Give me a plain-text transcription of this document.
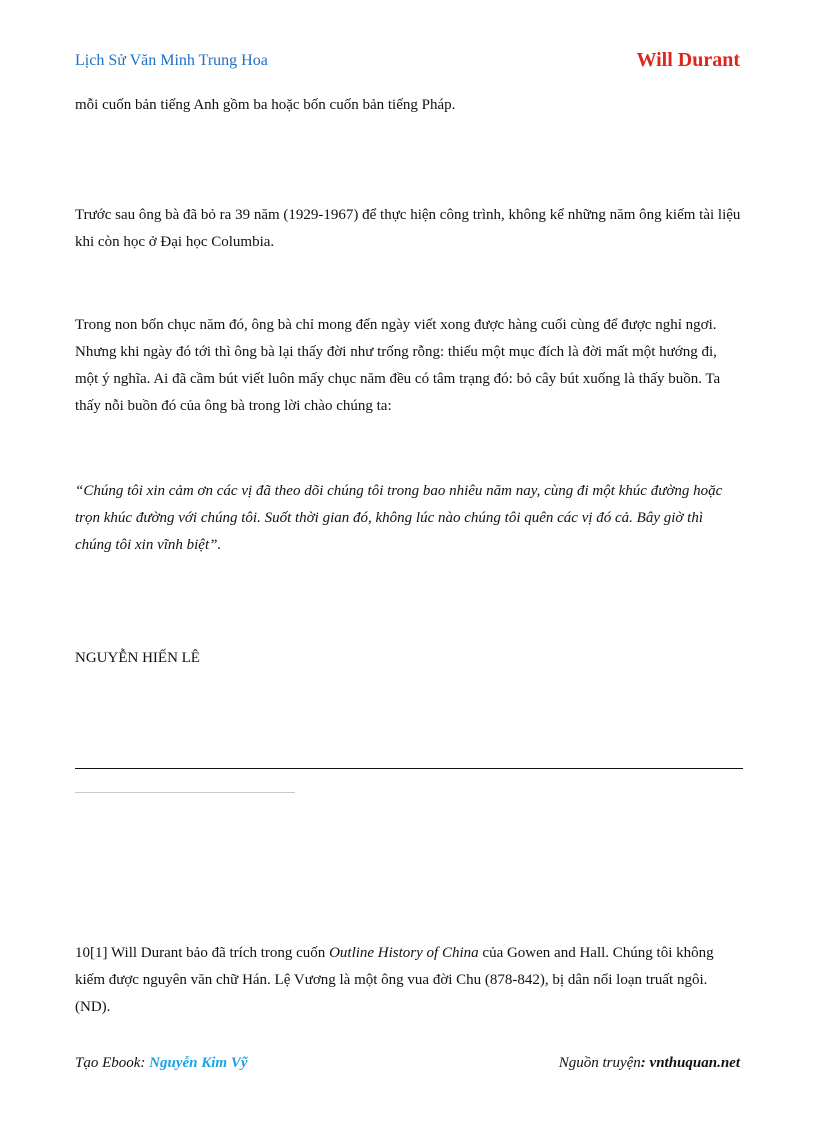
Lịch Sử Văn Minh Trung Hoa	Will Durant

mỗi cuốn bản tiếng Anh gồm ba hoặc bốn cuốn bản tiếng Pháp.

Trước sau ông bà đã bỏ ra 39 năm (1929-1967) để thực hiện công trình, không kể những năm ông kiếm tài liệu khi còn học ở Đại học Columbia.

Trong non bốn chục năm đó, ông bà chỉ mong đến ngày viết xong được hàng cuối cùng để được nghỉ ngơi. Nhưng khi ngày đó tới thì ông bà lại thấy đời như trống rỗng: thiếu một mục đích là đời mất một hướng đi, một ý nghĩa. Ai đã cầm bút viết luôn mấy chục năm đều có tâm trạng đó: bỏ cây bút xuống là thấy buồn. Ta thấy nỗi buồn đó của ông bà trong lời chào chúng ta:

“Chúng tôi xin cảm ơn các vị đã theo dõi chúng tôi trong bao nhiêu năm nay, cùng đi một khúc đường hoặc trọn khúc đường với chúng tôi. Suốt thời gian đó, không lúc nào chúng tôi quên các vị đó cả. Bây giờ thì chúng tôi xin vĩnh biệt”.

NGUYỄN HIẾN LÊ

10[1] Will Durant bảo đã trích trong cuốn Outline History of China của Gowen and Hall. Chúng tôi không kiếm được nguyên văn chữ Hán. Lệ Vương là một ông vua đời Chu (878-842), bị dân nổi loạn truất ngôi. (ND).

Tạo Ebook: Nguyễn Kim Vỹ	Nguồn truyện: vnthuquan.net
